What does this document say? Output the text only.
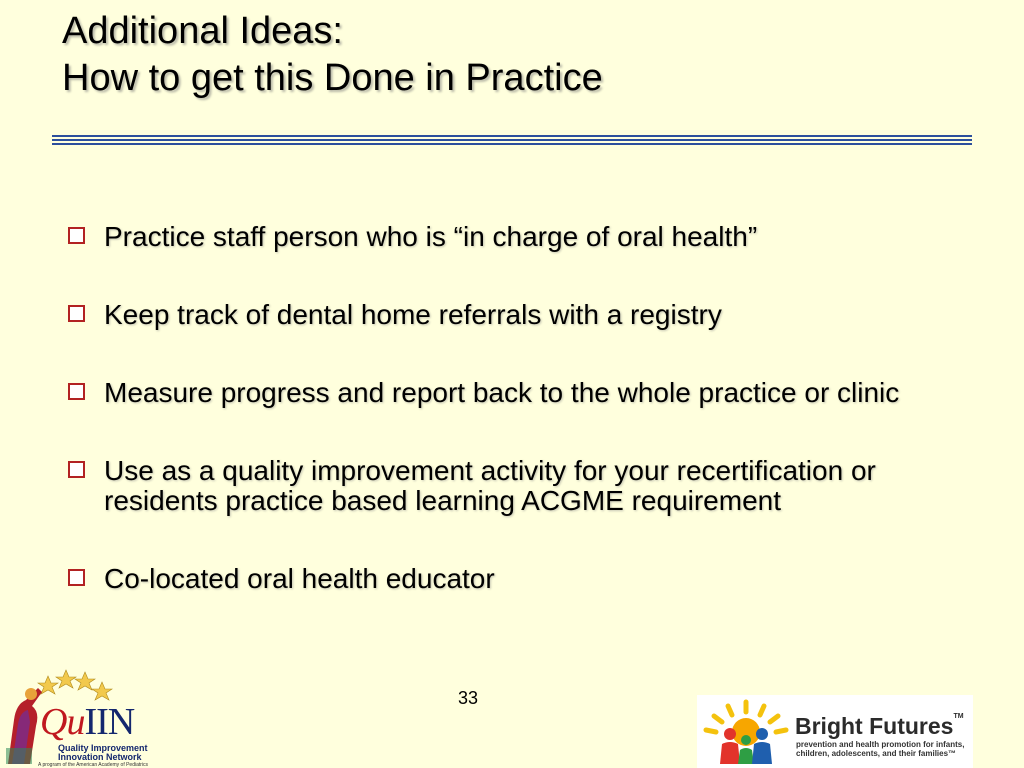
Additional Ideas:
How to get this Done in Practice
Practice staff person who is “in charge of oral health”
Keep track of dental home referrals with a registry
Measure progress and report back to the whole practice or clinic
Use as a quality improvement activity for your recertification or residents practice based learning ACGME requirement
Co-located oral health educator
33
QuIIN
Quality Improvement
Innovation Network
A program of the American Academy of Pediatrics
Bright Futures™
prevention and health promotion for infants, children, adolescents, and their families™
